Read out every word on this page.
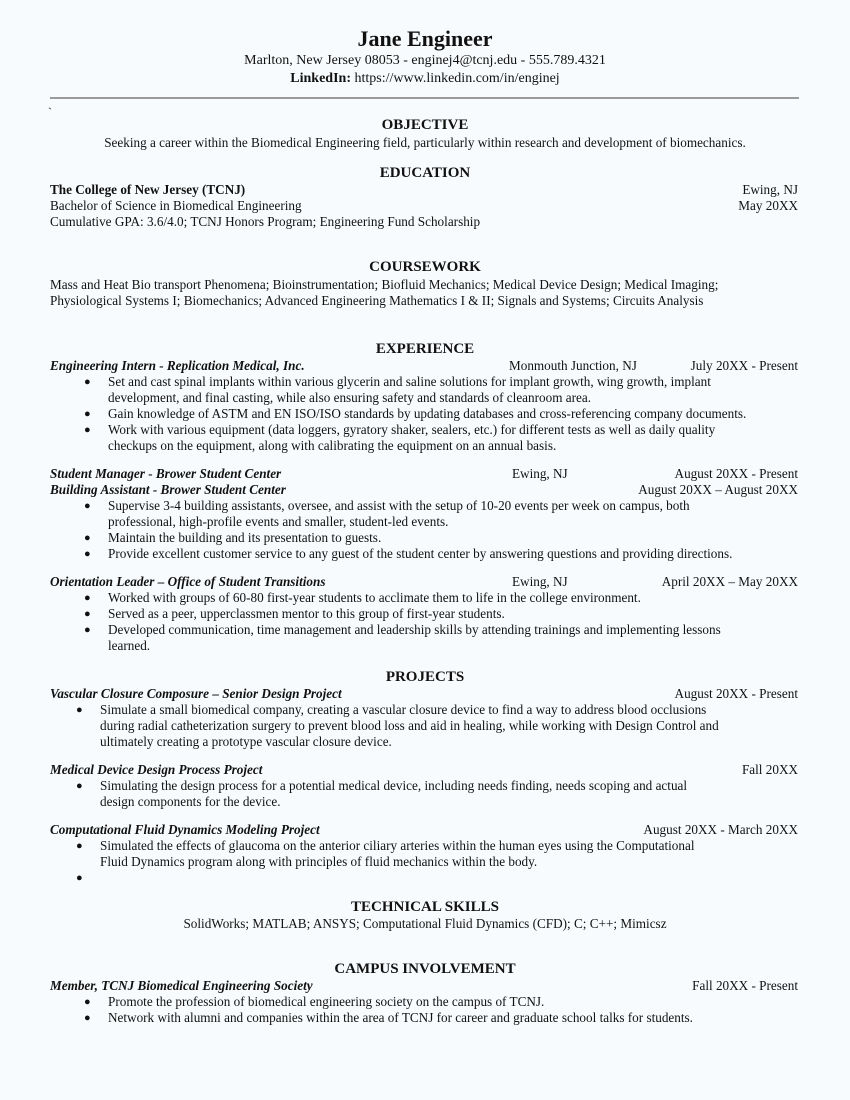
Jane Engineer
Marlton, New Jersey 08053 - enginej4@tcnj.edu - 555.789.4321
LinkedIn: https://www.linkedin.com/in/enginej
`
OBJECTIVE
Seeking a career within the Biomedical Engineering field, particularly within research and development of biomechanics.
EDUCATION
The College of New Jersey (TCNJ)	Ewing, NJ
Bachelor of Science in Biomedical Engineering	May 20XX
Cumulative GPA: 3.6/4.0; TCNJ Honors Program; Engineering Fund Scholarship
COURSEWORK
Mass and Heat Bio transport Phenomena; Bioinstrumentation; Biofluid Mechanics; Medical Device Design; Medical Imaging;
Physiological Systems I; Biomechanics; Advanced Engineering Mathematics I & II; Signals and Systems; Circuits Analysis
EXPERIENCE
Engineering Intern - Replication Medical, Inc.	Monmouth Junction, NJ	July 20XX - Present
● Set and cast spinal implants within various glycerin and saline solutions for implant growth, wing growth, implant
development, and final casting, while also ensuring safety and standards of cleanroom area.
● Gain knowledge of ASTM and EN ISO/ISO standards by updating databases and cross-referencing company documents.
● Work with various equipment (data loggers, gyratory shaker, sealers, etc.) for different tests as well as daily quality
checkups on the equipment, along with calibrating the equipment on an annual basis.
Student Manager - Brower Student Center	Ewing, NJ	August 20XX - Present
Building Assistant - Brower Student Center	August 20XX – August 20XX
● Supervise 3-4 building assistants, oversee, and assist with the setup of 10-20 events per week on campus, both
professional, high-profile events and smaller, student-led events.
● Maintain the building and its presentation to guests.
● Provide excellent customer service to any guest of the student center by answering questions and providing directions.
Orientation Leader – Office of Student Transitions	Ewing, NJ	April 20XX – May 20XX
● Worked with groups of 60-80 first-year students to acclimate them to life in the college environment.
● Served as a peer, upperclassmen mentor to this group of first-year students.
● Developed communication, time management and leadership skills by attending trainings and implementing lessons
learned.
PROJECTS
Vascular Closure Composure – Senior Design Project	August 20XX - Present
● Simulate a small biomedical company, creating a vascular closure device to find a way to address blood occlusions
during radial catheterization surgery to prevent blood loss and aid in healing, while working with Design Control and
ultimately creating a prototype vascular closure device.
Medical Device Design Process Project	Fall 20XX
● Simulating the design process for a potential medical device, including needs finding, needs scoping and actual
design components for the device.
Computational Fluid Dynamics Modeling Project	August 20XX - March 20XX
● Simulated the effects of glaucoma on the anterior ciliary arteries within the human eyes using the Computational
Fluid Dynamics program along with principles of fluid mechanics within the body.
●

TECHNICAL SKILLS
SolidWorks; MATLAB; ANSYS; Computational Fluid Dynamics (CFD); C; C++; Mimicsz
CAMPUS INVOLVEMENT
Member, TCNJ Biomedical Engineering Society	Fall 20XX - Present
● Promote the profession of biomedical engineering society on the campus of TCNJ.
● Network with alumni and companies within the area of TCNJ for career and graduate school talks for students.
